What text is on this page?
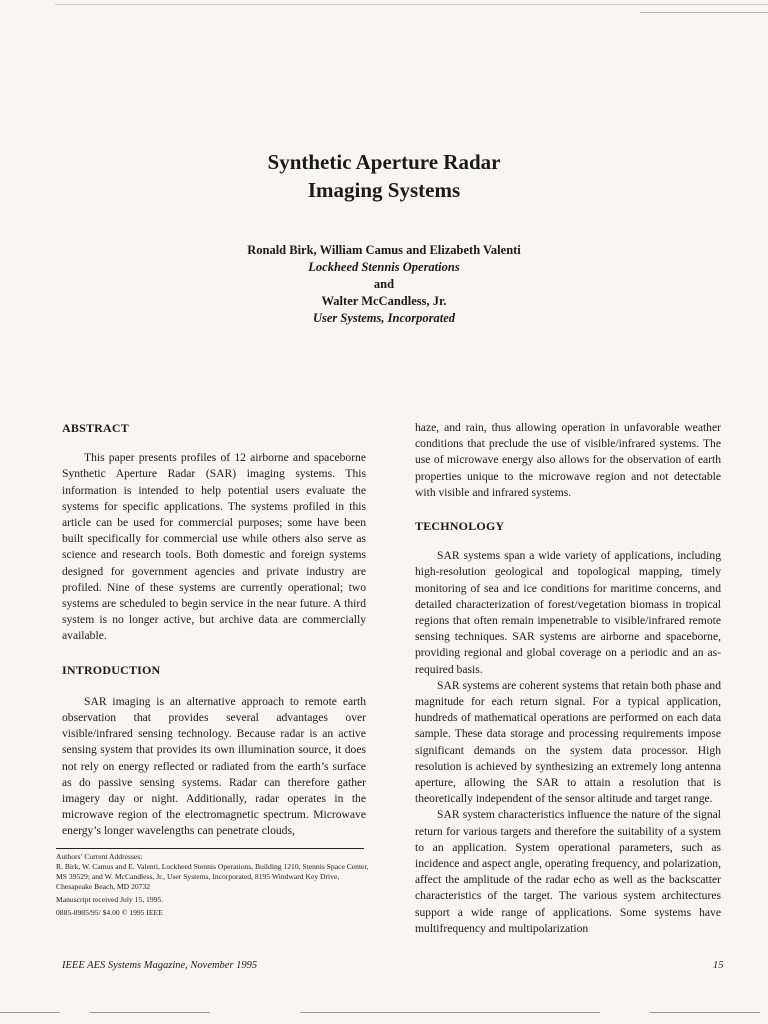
Synthetic Aperture Radar
Imaging Systems
Ronald Birk, William Camus and Elizabeth Valenti
Lockheed Stennis Operations
and
Walter McCandless, Jr.
User Systems, Incorporated
ABSTRACT

This paper presents profiles of 12 airborne and spaceborne Synthetic Aperture Radar (SAR) imaging systems. This information is intended to help potential users evaluate the systems for specific applications. The systems profiled in this article can be used for commercial purposes; some have been built specifically for commercial use while others also serve as science and research tools. Both domestic and foreign systems designed for government agencies and private industry are profiled. Nine of these systems are currently operational; two systems are scheduled to begin service in the near future. A third system is no longer active, but archive data are commercially available.

INTRODUCTION

SAR imaging is an alternative approach to remote earth observation that provides several advantages over visible/infrared sensing technology. Because radar is an active sensing system that provides its own illumination source, it does not rely on energy reflected or radiated from the earth’s surface as do passive sensing systems. Radar can therefore gather imagery day or night. Additionally, radar operates in the microwave region of the electromagnetic spectrum. Microwave energy’s longer wavelengths can penetrate clouds,

haze, and rain, thus allowing operation in unfavorable weather conditions that preclude the use of visible/infrared systems. The use of microwave energy also allows for the observation of earth properties unique to the microwave region and not detectable with visible and infrared systems.

TECHNOLOGY

SAR systems span a wide variety of applications, including high-resolution geological and topological mapping, timely monitoring of sea and ice conditions for maritime concerns, and detailed characterization of forest/vegetation biomass in tropical regions that often remain impenetrable to visible/infrared remote sensing techniques. SAR systems are airborne and spaceborne, providing regional and global coverage on a periodic and an as-required basis.

SAR systems are coherent systems that retain both phase and magnitude for each return signal. For a typical application, hundreds of mathematical operations are performed on each data sample. These data storage and processing requirements impose significant demands on the system data processor. High resolution is achieved by synthesizing an extremely long antenna aperture, allowing the SAR to attain a resolution that is theoretically independent of the sensor altitude and target range.

SAR system characteristics influence the nature of the signal return for various targets and therefore the suitability of a system to an application. System operational parameters, such as incidence and aspect angle, operating frequency, and polarization, affect the amplitude of the radar echo as well as the backscatter characteristics of the target. The various system architectures support a wide range of applications. Some systems have multifrequency and multipolarization

Authors’ Current Addresses:
R. Birk, W. Camus and E. Valenti, Lockheed Stennis Operations, Building 1210, Stennis Space Center, MS 39529; and W. McCandless, Jr., User Systems, Incorporated, 8195 Windward Key Drive, Chesapeake Beach, MD 20732
Manuscript received July 15, 1995.
0885-8985/95/ $4.00 © 1995 IEEE
IEEE AES Systems Magazine, November 1995	15
